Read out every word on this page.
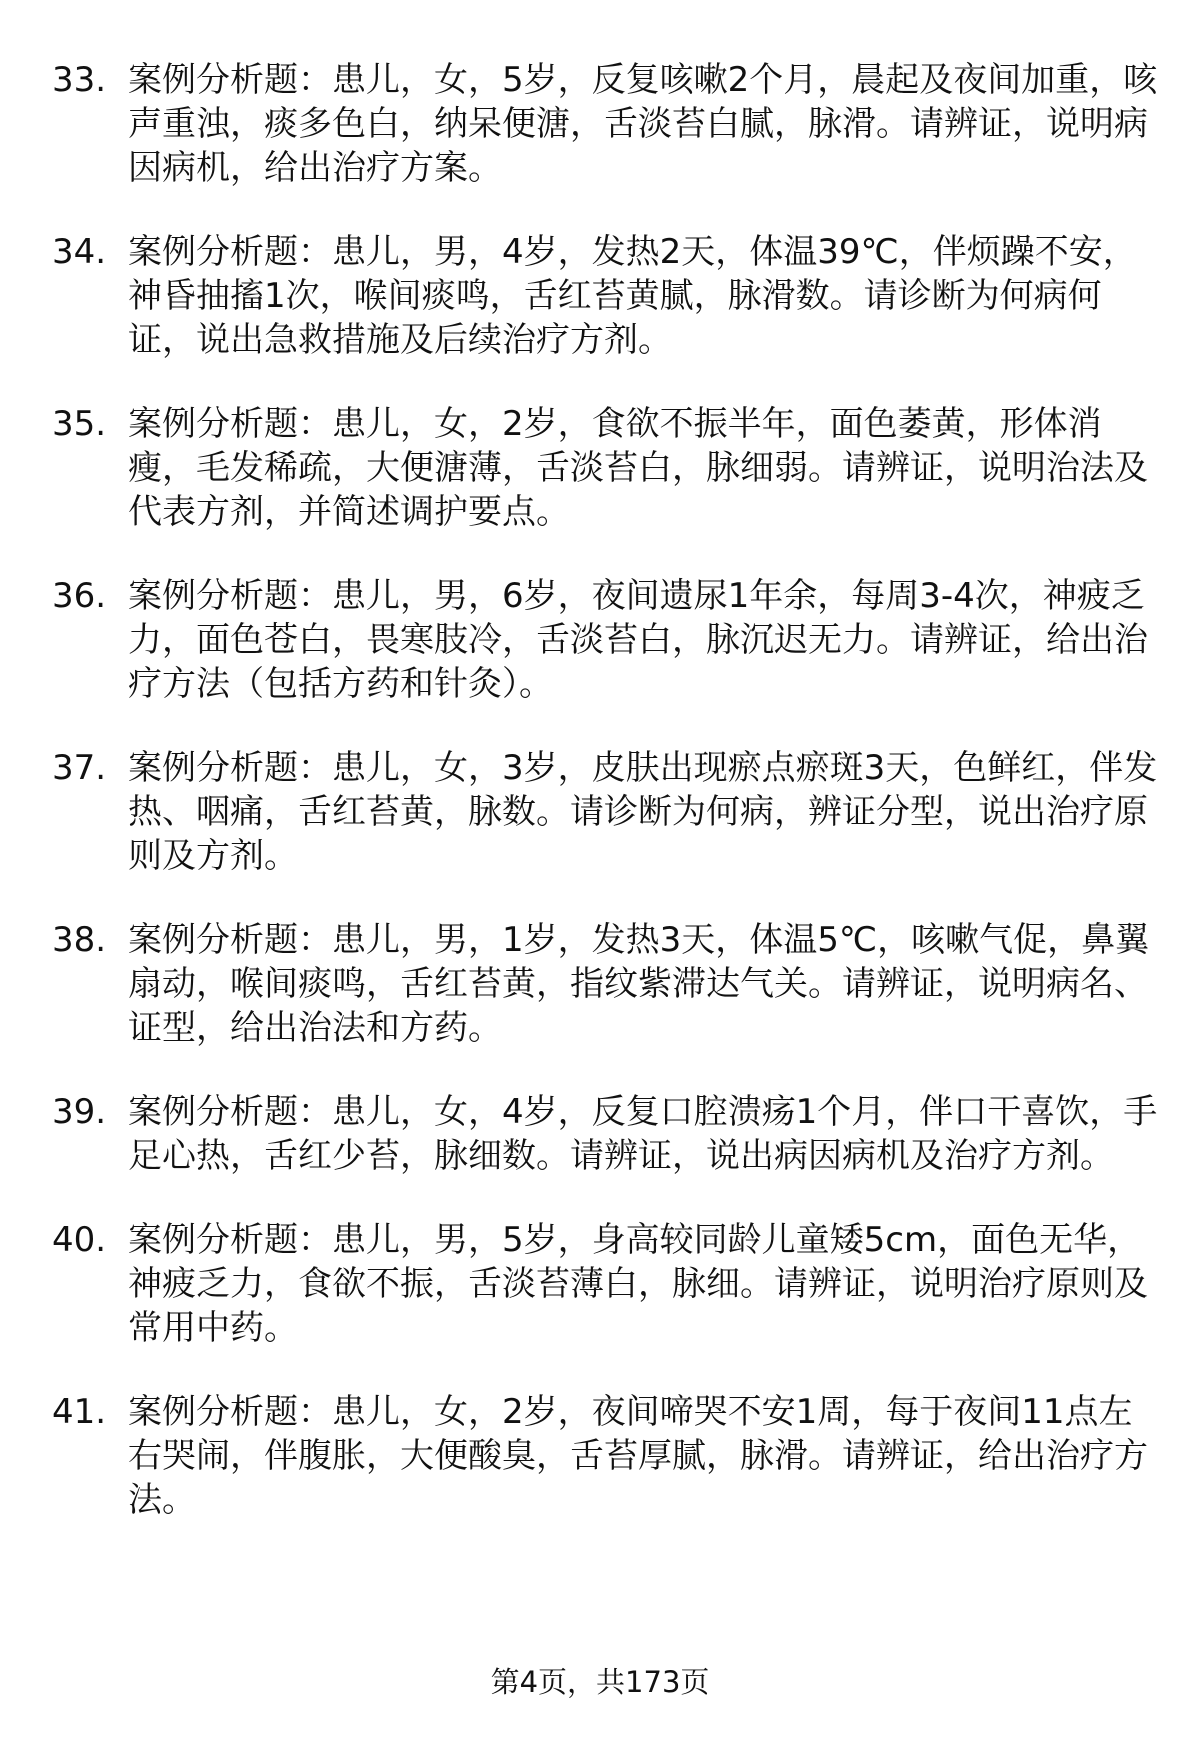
33. 案例分析题：患儿，女，5岁，反复咳嗽2个月，晨起及夜间加重，咳声重浊，痰多色白，纳呆便溏，舌淡苔白腻，脉滑。请辨证，说明病因病机，给出治疗方案。
34. 案例分析题：患儿，男，4岁，发热2天，体温39℃，伴烦躁不安，神昏抽搐1次，喉间痰鸣，舌红苔黄腻，脉滑数。请诊断为何病何证，说出急救措施及后续治疗方剂。
35. 案例分析题：患儿，女，2岁，食欲不振半年，面色萎黄，形体消瘦，毛发稀疏，大便溏薄，舌淡苔白，脉细弱。请辨证，说明治法及代表方剂，并简述调护要点。
36. 案例分析题：患儿，男，6岁，夜间遗尿1年余，每周3-4次，神疲乏力，面色苍白，畏寒肢冷，舌淡苔白，脉沉迟无力。请辨证，给出治疗方法（包括方药和针灸）。
37. 案例分析题：患儿，女，3岁，皮肤出现瘀点瘀斑3天，色鲜红，伴发热、咽痛，舌红苔黄，脉数。请诊断为何病，辨证分型，说出治疗原则及方剂。
38. 案例分析题：患儿，男，1岁，发热3天，体温5℃，咳嗽气促，鼻翼扇动，喉间痰鸣，舌红苔黄，指纹紫滞达气关。请辨证，说明病名、证型，给出治法和方药。
39. 案例分析题：患儿，女，4岁，反复口腔溃疡1个月，伴口干喜饮，手足心热，舌红少苔，脉细数。请辨证，说出病因病机及治疗方剂。
40. 案例分析题：患儿，男，5岁，身高较同龄儿童矮5cm，面色无华，神疲乏力，食欲不振，舌淡苔薄白，脉细。请辨证，说明治疗原则及常用中药。
41. 案例分析题：患儿，女，2岁，夜间啼哭不安1周，每于夜间11点左右哭闹，伴腹胀，大便酸臭，舌苔厚腻，脉滑。请辨证，给出治疗方法。
第4页，共173页
